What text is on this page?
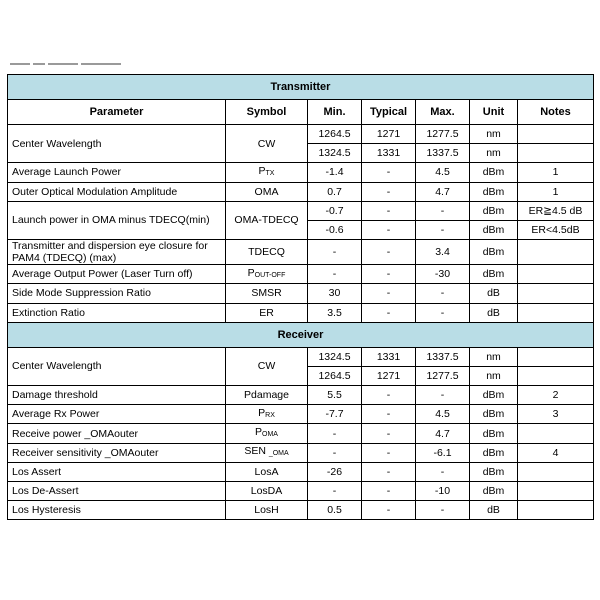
Transmitter						
Parameter	Symbol	Min.	Typical	Max.	Unit	Notes
Center Wavelength	CW	1264.5	1271	1277.5	nm	
		1324.5	1331	1337.5	nm	
Average Launch Power	PTX	-1.4	-	4.5	dBm	1
Outer Optical Modulation Amplitude	OMA	0.7	-	4.7	dBm	1
Launch power in OMA minus TDECQ(min)	OMA-TDECQ	-0.7	-	-	dBm	ER≧4.5 dB
		-0.6	-	-	dBm	ER<4.5dB
Transmitter and dispersion eye closure for PAM4 (TDECQ) (max)	TDECQ	-	-	3.4	dBm	
Average Output Power (Laser Turn off)	POUT-OFF	-	-	-30	dBm	
Side Mode Suppression Ratio	SMSR	30	-	-	dB	
Extinction Ratio	ER	3.5	-	-	dB	
Receiver						
Center Wavelength	CW	1324.5	1331	1337.5	nm	
		1264.5	1271	1277.5	nm	
Damage threshold	Pdamage	5.5	-	-	dBm	2
Average Rx Power	PRX	-7.7	-	4.5	dBm	3
Receive power _OMAouter	POMA	-	-	4.7	dBm	
Receiver sensitivity _OMAouter	SEN _OMA	-	-	-6.1	dBm	4
Los Assert	LosA	-26	-	-	dBm	
Los De-Assert	LosDA	-	-	-10	dBm	
Los Hysteresis	LosH	0.5	-	-	dB	
